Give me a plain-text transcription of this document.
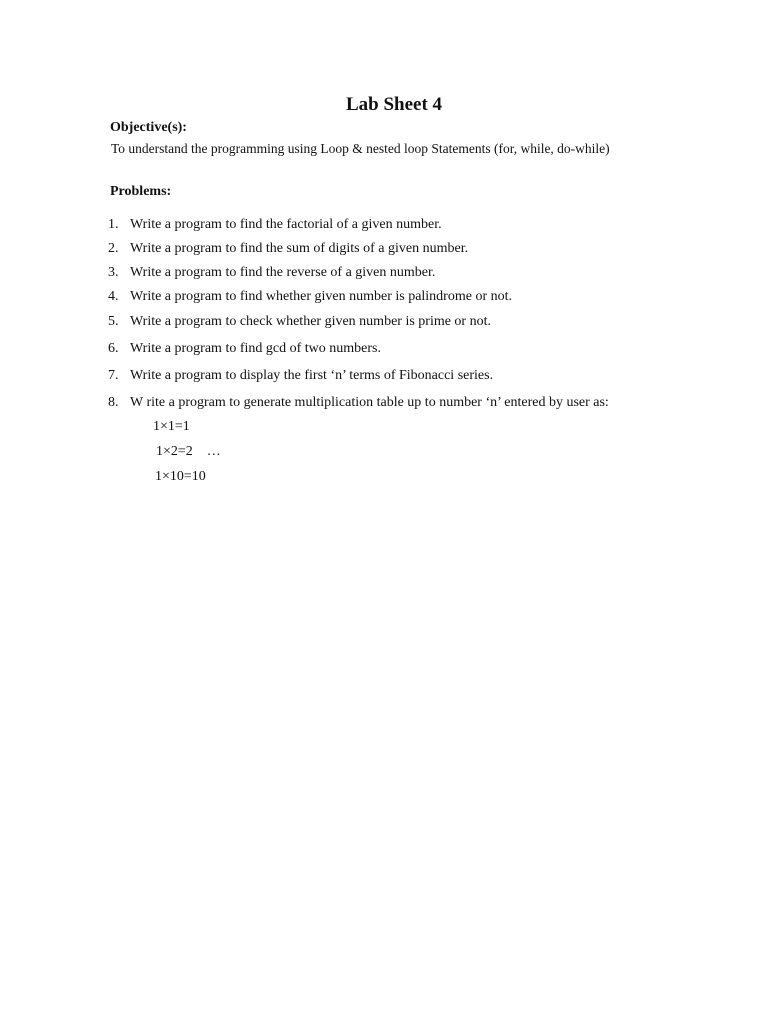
Lab Sheet 4
Objective(s):
To understand the programming using Loop & nested loop Statements (for, while, do-while)
Problems:
1. Write a program to find the factorial of a given number.
2. Write a program to find the sum of digits of a given number.
3. Write a program to find the reverse of a given number.
4. Write a program to find whether given number is palindrome or not.
5. Write a program to check whether given number is prime or not.
6. Write a program to find gcd of two numbers.
7. Write a program to display the first ‘n’ terms of Fibonacci series.
8. W rite a program to generate multiplication table up to number ‘n’ entered by user as:
1×1=1
1×2=2 …
1×10=10
